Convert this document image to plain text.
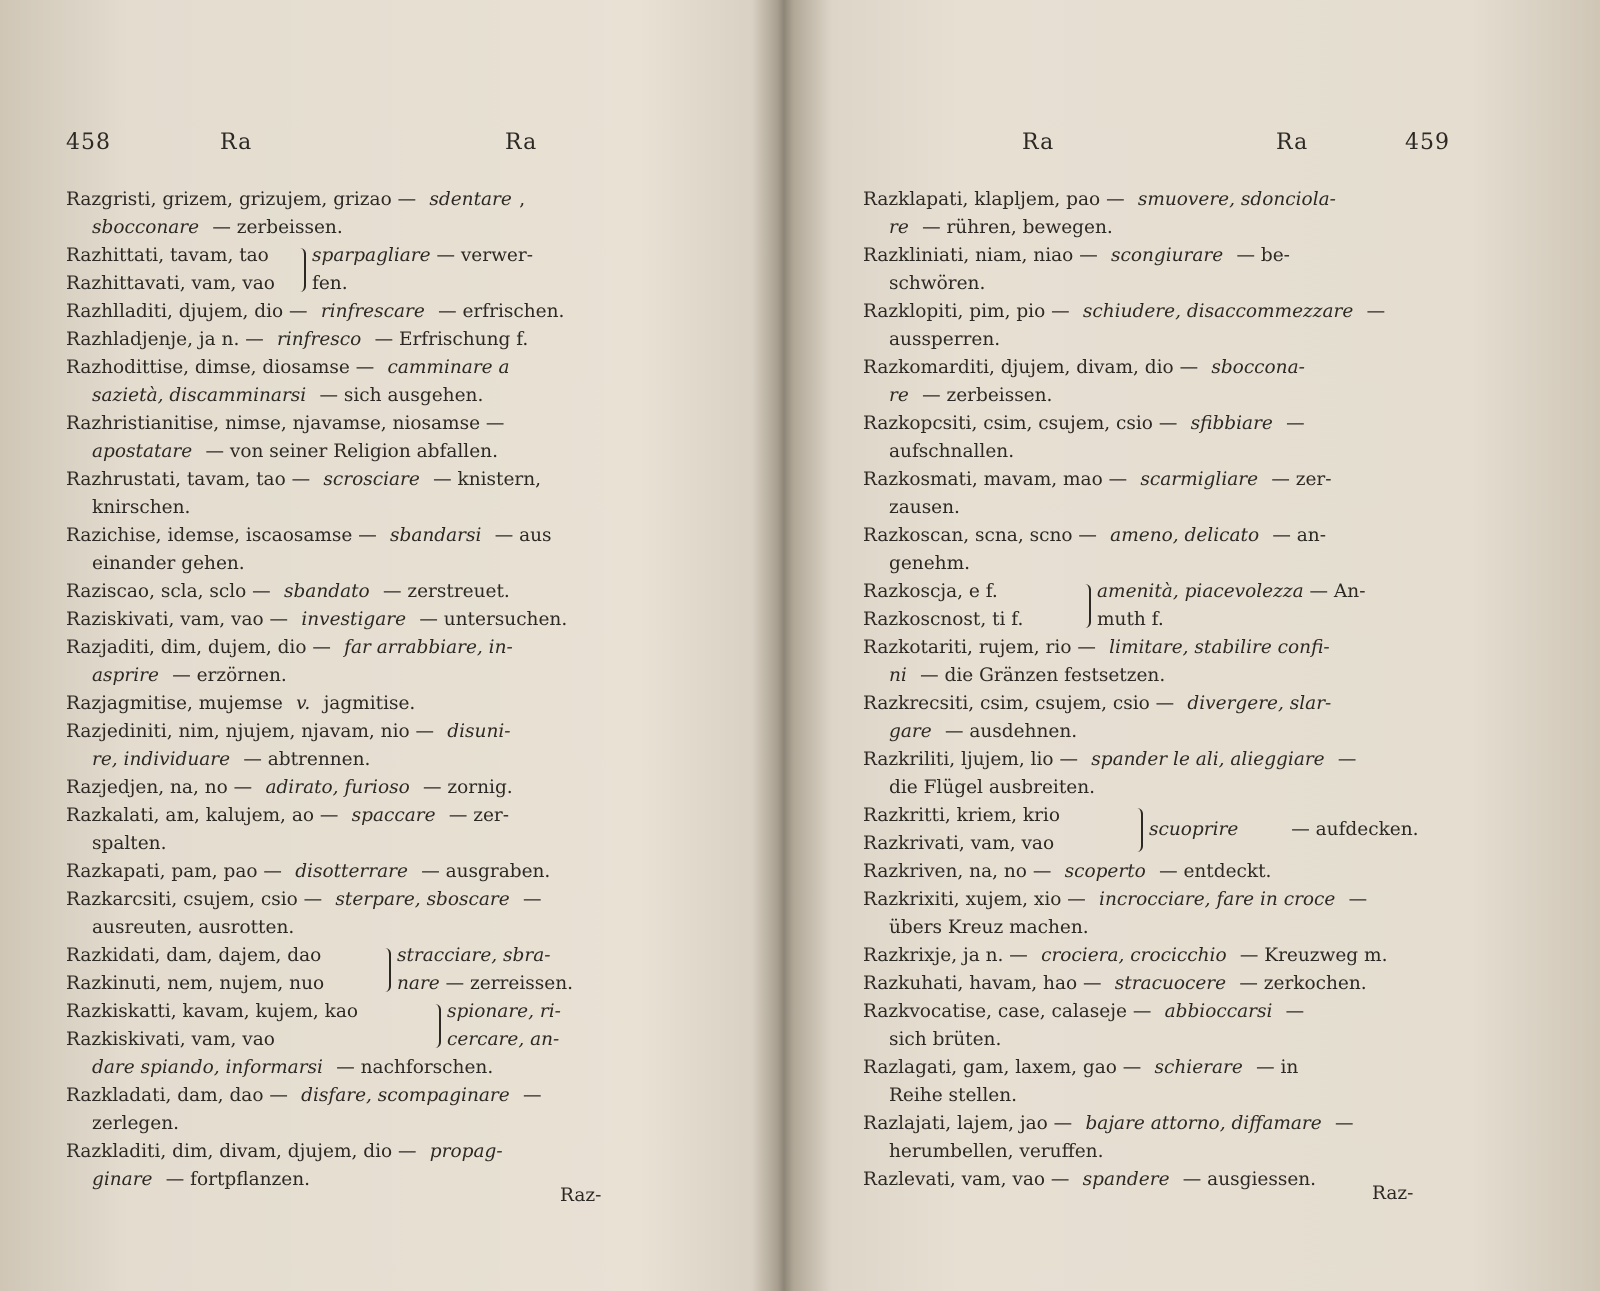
458	Ra	Ra
Razgristi, grizem, grizujem, grizao — sdentare ,
sbocconare — zerbeissen.
Razhittati, tavam, tao
Razhittavati, vam, vao
sparpagliare — verwer-
fen.
Razhlladiti, djujem, dio — rinfrescare — erfrischen.
Razhladjenje, ja n. — rinfresco — Erfrischung f.
Razhodittise, dimse, diosamse — camminare a
sazietà, discamminarsi — sich ausgehen.
Razhristianitise, nimse, njavamse, niosamse —
apostatare — von seiner Religion abfallen.
Razhrustati, tavam, tao — scrosciare — knistern,
knirschen.
Razichise, idemse, iscaosamse — sbandarsi — aus
einander gehen.
Raziscao, scla, sclo — sbandato — zerstreuet.
Raziskivati, vam, vao — investigare — untersuchen.
Razjaditi, dim, dujem, dio — far arrabbiare, in-
asprire — erzörnen.
Razjagmitise, mujemse v. jagmitise.
Razjediniti, nim, njujem, njavam, nio — disuni-
re, individuare — abtrennen.
Razjedjen, na, no — adirato, furioso — zornig.
Razkalati, am, kalujem, ao — spaccare — zer-
spalten.
Razkapati, pam, pao — disotterrare — ausgraben.
Razkarcsiti, csujem, csio — sterpare, sboscare —
ausreuten, ausrotten.
Razkidati, dam, dajem, dao
Razkinuti, nem, nujem, nuo
stracciare, sbra-
nare — zerreissen.
Razkiskatti, kavam, kujem, kao
Razkiskivati, vam, vao
spionare, ri-
cercare, an-
dare spiando, informarsi — nachforschen.
Razkladati, dam, dao — disfare, scompaginare —
zerlegen.
Razkladiti, dim, divam, djujem, dio — propag-
ginare — fortpflanzen.
Raz-
Ra	Ra	459
Razklapati, klapljem, pao — smuovere, sdonciola-
re — rühren, bewegen.
Razkliniati, niam, niao — scongiurare — be-
schwören.
Razklopiti, pim, pio — schiudere, disaccommezzare —
aussperren.
Razkomarditi, djujem, divam, dio — sboccona-
re — zerbeissen.
Razkopcsiti, csim, csujem, csio — sfibbiare —
aufschnallen.
Razkosmati, mavam, mao — scarmigliare — zer-
zausen.
Razkoscan, scna, scno — ameno, delicato — an-
genehm.
Razkoscja, e f.
Razkoscnost, ti f.
amenità, piacevolezza — An-
muth f.
Razkotariti, rujem, rio — limitare, stabilire confi-
ni — die Gränzen festsetzen.
Razkrecsiti, csim, csujem, csio — divergere, slar-
gare — ausdehnen.
Razkriliti, ljujem, lio — spander le ali, alieggiare —
die Flügel ausbreiten.
Razkritti, kriem, krio
Razkrivati, vam, vao
scuoprire	— aufdecken.
Razkriven, na, no — scoperto — entdeckt.
Razkrixiti, xujem, xio — incrocciare, fare in croce —
übers Kreuz machen.
Razkrixje, ja n. — crociera, crocicchio — Kreuzweg m.
Razkuhati, havam, hao — stracuocere — zerkochen.
Razkvocatise, case, calaseje — abbioccarsi —
sich brüten.
Razlagati, gam, laxem, gao — schierare — in
Reihe stellen.
Razlajati, lajem, jao — bajare attorno, diffamare —
herumbellen, veruffen.
Razlevati, vam, vao — spandere — ausgiessen.
Raz-
